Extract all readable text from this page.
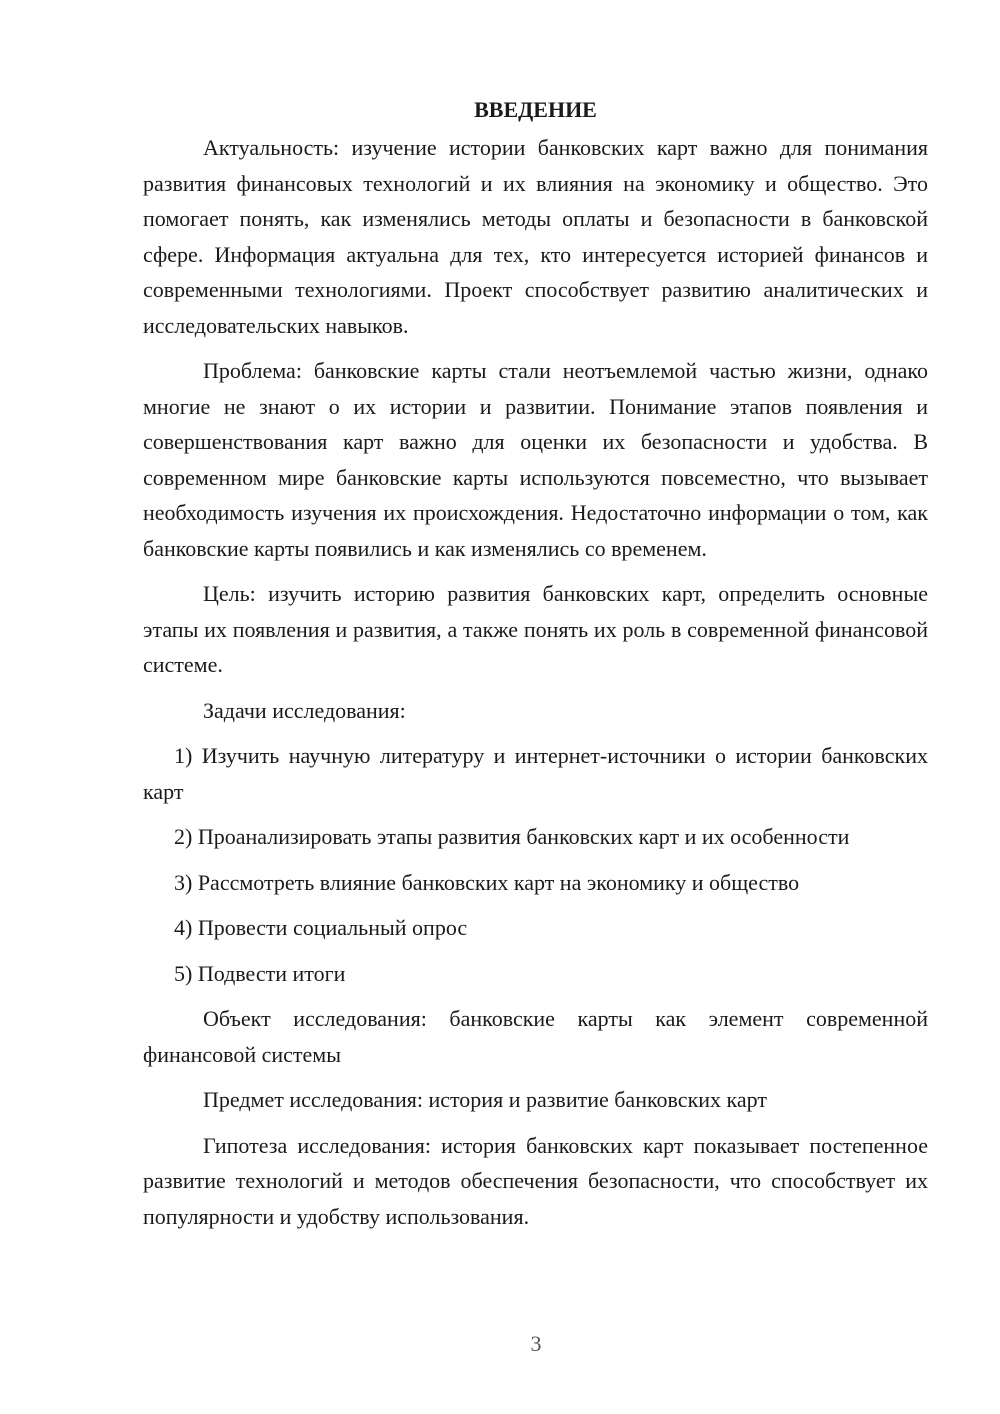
ВВЕДЕНИЕ

Актуальность: изучение истории банковских карт важно для понимания развития финансовых технологий и их влияния на экономику и общество. Это помогает понять, как изменялись методы оплаты и безопасности в банковской сфере. Информация актуальна для тех, кто интересуется историей финансов и современными технологиями. Проект способствует развитию аналитических и исследовательских навыков.

Проблема: банковские карты стали неотъемлемой частью жизни, однако многие не знают о их истории и развитии. Понимание этапов появления и совершенствования карт важно для оценки их безопасности и удобства. В современном мире банковские карты используются повсеместно, что вызывает необходимость изучения их происхождения. Недостаточно информации о том, как банковские карты появились и как изменялись со временем.

Цель: изучить историю развития банковских карт, определить основные этапы их появления и развития, а также понять их роль в современной финансовой системе.

Задачи исследования:

1) Изучить научную литературу и интернет-источники о истории банковских карт

2) Проанализировать этапы развития банковских карт и их особенности

3) Рассмотреть влияние банковских карт на экономику и общество

4) Провести социальный опрос

5) Подвести итоги

Объект исследования: банковские карты как элемент современной финансовой системы

Предмет исследования: история и развитие банковских карт

Гипотеза исследования: история банковских карт показывает постепенное развитие технологий и методов обеспечения безопасности, что способствует их популярности и удобству использования.

3
